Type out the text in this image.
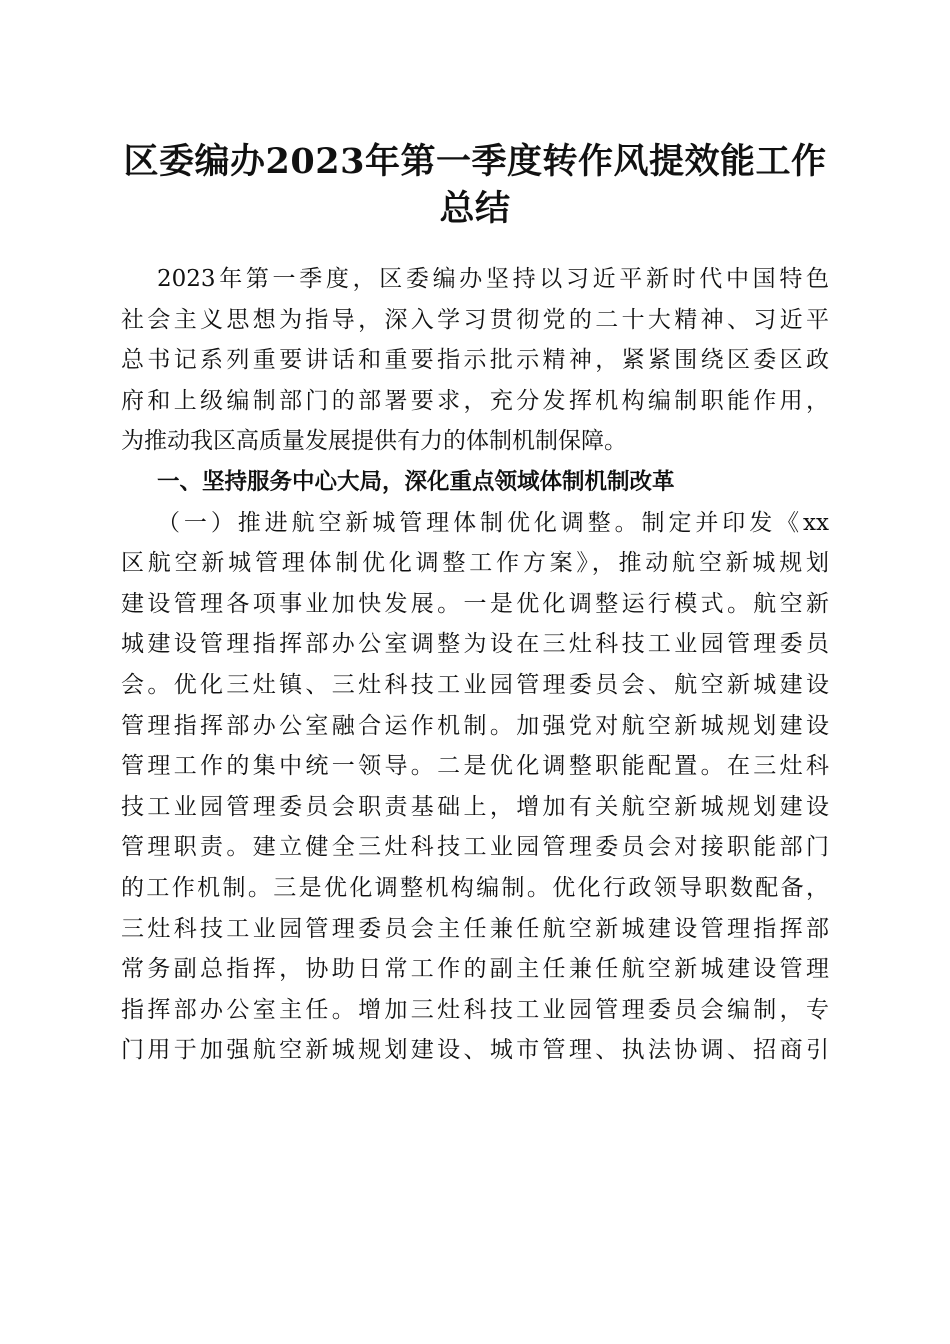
区委编办2023年第一季度转作风提效能工作
总结
2023年第一季度，区委编办坚持以习近平新时代中国特色
社会主义思想为指导，深入学习贯彻党的二十大精神、习近平
总书记系列重要讲话和重要指示批示精神，紧紧围绕区委区政
府和上级编制部门的部署要求，充分发挥机构编制职能作用，
为推动我区高质量发展提供有力的体制机制保障。
一、坚持服务中心大局，深化重点领域体制机制改革
（一）推进航空新城管理体制优化调整。制定并印发《xx
区航空新城管理体制优化调整工作方案》，推动航空新城规划
建设管理各项事业加快发展。一是优化调整运行模式。航空新
城建设管理指挥部办公室调整为设在三灶科技工业园管理委员
会。优化三灶镇、三灶科技工业园管理委员会、航空新城建设
管理指挥部办公室融合运作机制。加强党对航空新城规划建设
管理工作的集中统一领导。二是优化调整职能配置。在三灶科
技工业园管理委员会职责基础上，增加有关航空新城规划建设
管理职责。建立健全三灶科技工业园管理委员会对接职能部门
的工作机制。三是优化调整机构编制。优化行政领导职数配备，
三灶科技工业园管理委员会主任兼任航空新城建设管理指挥部
常务副总指挥，协助日常工作的副主任兼任航空新城建设管理
指挥部办公室主任。增加三灶科技工业园管理委员会编制，专
门用于加强航空新城规划建设、城市管理、执法协调、招商引
